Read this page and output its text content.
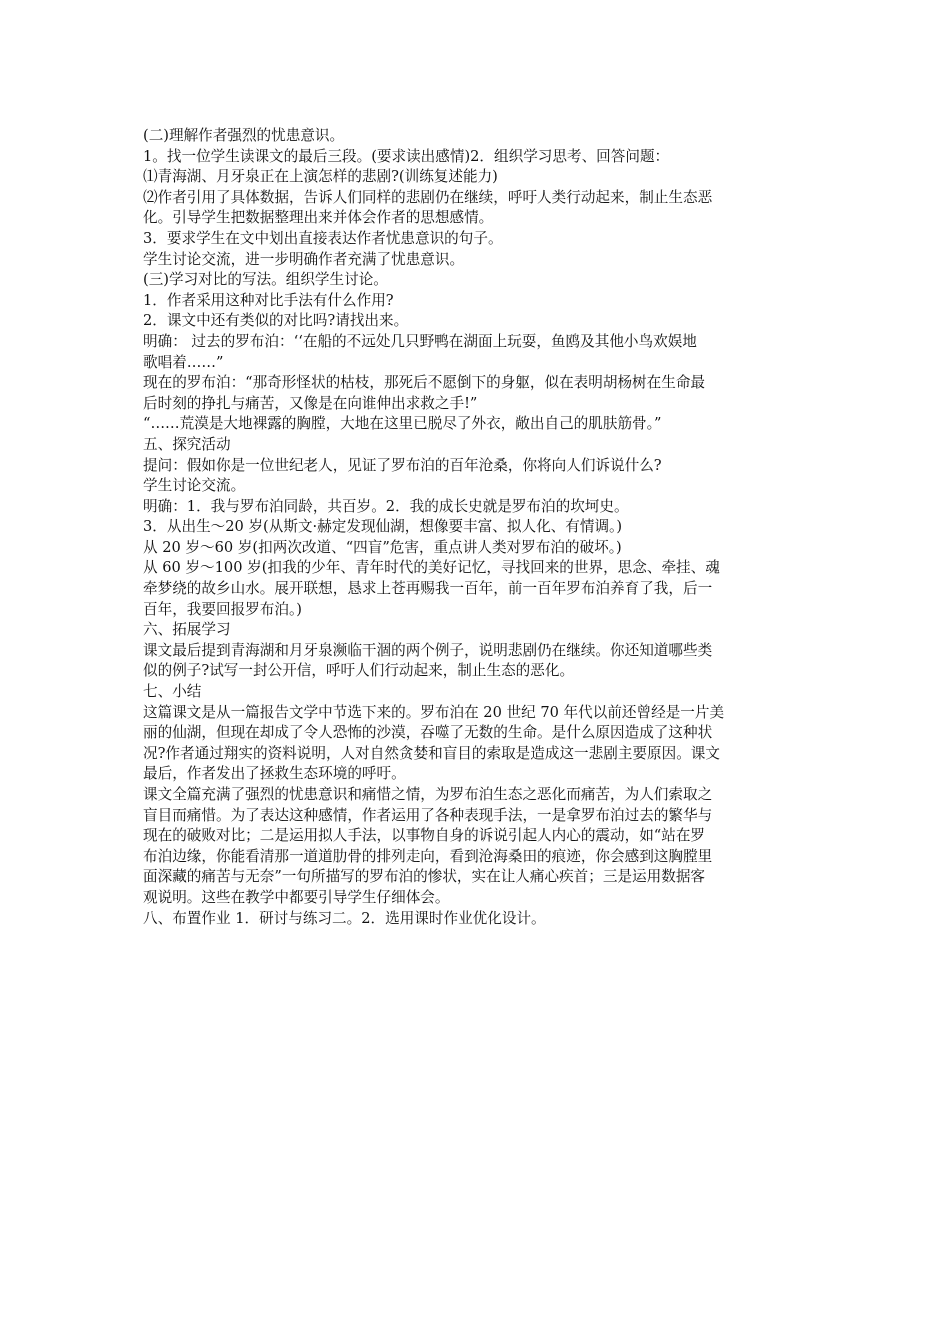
(二)理解作者强烈的忧患意识。
1。找一位学生读课文的最后三段。(要求读出感情)2．组织学习思考、回答问题：
⑴青海湖、月牙泉正在上演怎样的悲剧?(训练复述能力)
⑵作者引用了具体数据，告诉人们同样的悲剧仍在继续，呼吁人类行动起来，制止生态恶
化。引导学生把数据整理出来并体会作者的思想感情。
3．要求学生在文中划出直接表达作者忧患意识的句子。
学生讨论交流，进一步明确作者充满了忧患意识。
(三)学习对比的写法。组织学生讨论。
1．作者采用这种对比手法有什么作用?
2．课文中还有类似的对比吗?请找出来。
明确： 过去的罗布泊：‘‘在船的不远处几只野鸭在湖面上玩耍，鱼鸥及其他小鸟欢娱地
歌唱着……”
现在的罗布泊：“那奇形怪状的枯枝，那死后不愿倒下的身躯，似在表明胡杨树在生命最
后时刻的挣扎与痛苦，又像是在向谁伸出求救之手!”
“……荒漠是大地裸露的胸膛，大地在这里已脱尽了外衣，敞出自己的肌肤筋骨。”
五、探究活动
提问：假如你是一位世纪老人，见证了罗布泊的百年沧桑，你将向人们诉说什么?
学生讨论交流。
明确：1．我与罗布泊同龄，共百岁。2．我的成长史就是罗布泊的坎坷史。
3．从出生～20 岁(从斯文·赫定发现仙湖，想像要丰富、拟人化、有情调。)
从 20 岁～60 岁(扣两次改道、“四盲”危害，重点讲人类对罗布泊的破坏。)
从 60 岁～100 岁(扣我的少年、青年时代的美好记忆，寻找回来的世界，思念、牵挂、魂
牵梦绕的故乡山水。展开联想，恳求上苍再赐我一百年，前一百年罗布泊养育了我，后一
百年，我要回报罗布泊。)
六、拓展学习
课文最后提到青海湖和月牙泉濒临干涸的两个例子，说明悲剧仍在继续。你还知道哪些类
似的例子?试写一封公开信，呼吁人们行动起来，制止生态的恶化。
七、小结
这篇课文是从一篇报告文学中节选下来的。罗布泊在 20 世纪 70 年代以前还曾经是一片美
丽的仙湖，但现在却成了令人恐怖的沙漠，吞噬了无数的生命。是什么原因造成了这种状
况?作者通过翔实的资料说明，人对自然贪婪和盲目的索取是造成这一悲剧主要原因。课文
最后，作者发出了拯救生态环境的呼吁。
课文全篇充满了强烈的忧患意识和痛惜之情，为罗布泊生态之恶化而痛苦，为人们索取之
盲目而痛惜。为了表达这种感情，作者运用了各种表现手法，一是拿罗布泊过去的繁华与
现在的破败对比；二是运用拟人手法，以事物自身的诉说引起人内心的震动，如“站在罗
布泊边缘，你能看清那一道道肋骨的排列走向，看到沧海桑田的痕迹，你会感到这胸膛里
面深藏的痛苦与无奈”一句所描写的罗布泊的惨状，实在让人痛心疾首；三是运用数据客
观说明。这些在教学中都要引导学生仔细体会。
八、布置作业 1．研讨与练习二。2．选用课时作业优化设计。
